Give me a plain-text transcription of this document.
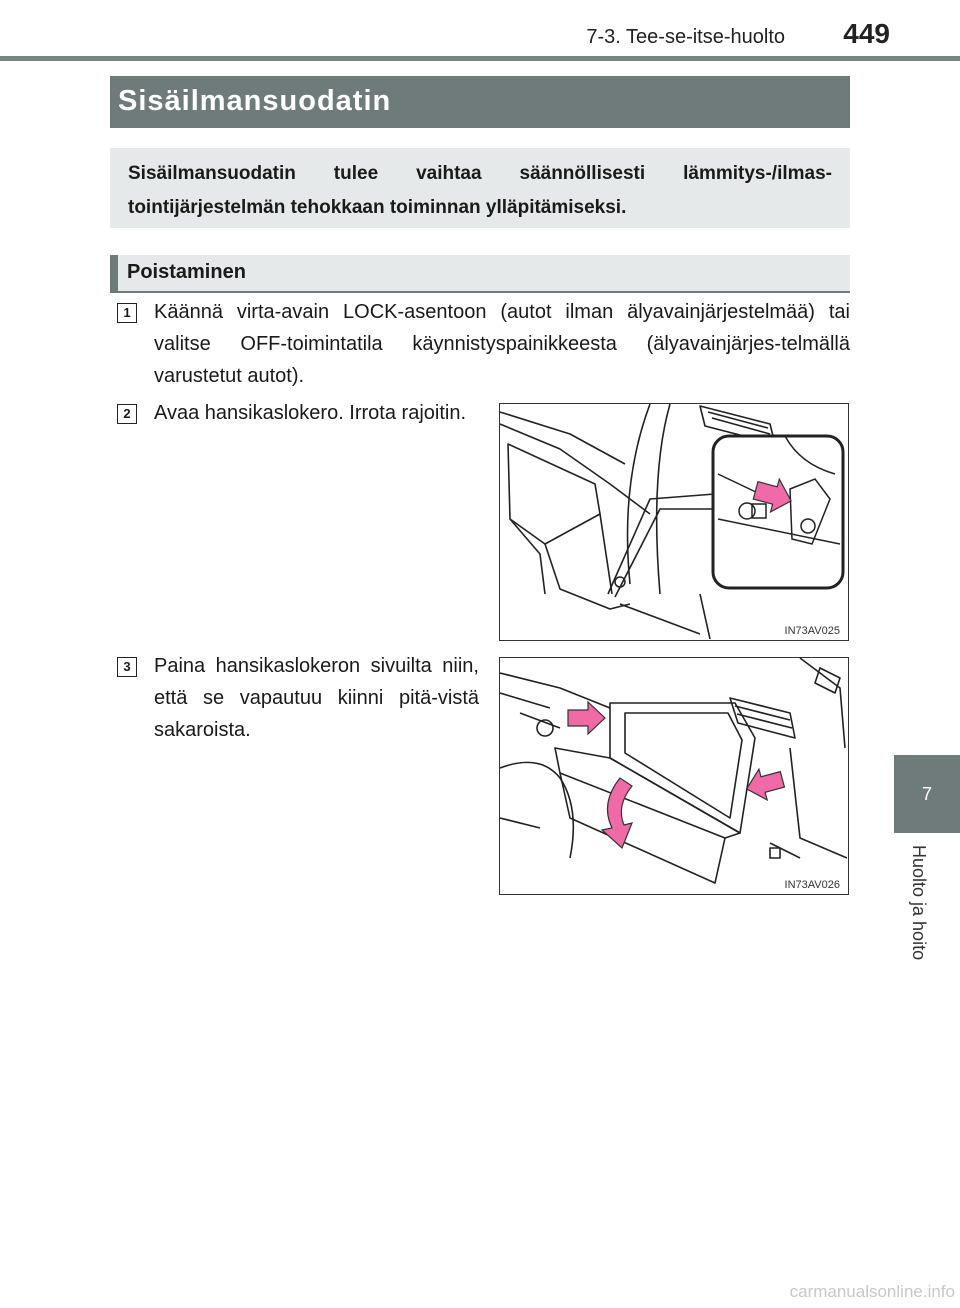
7-3. Tee-se-itse-huolto	449
Sisäilmansuodatin
Sisäilmansuodatin tulee vaihtaa säännöllisesti lämmitys-/ilmas-tointijärjestelmän tehokkaan toiminnan ylläpitämiseksi.
Poistaminen
1	Käännä virta-avain LOCK-asentoon (autot ilman älyavainjärjestelmää) tai valitse OFF-toimintatila käynnistyspainikkeesta (älyavainjärjes-telmällä varustetut autot).
2	Avaa hansikaslokero. Irrota rajoitin.
IN73AV025
3	Paina hansikaslokeron sivuilta niin, että se vapautuu kiinni pitä-vistä sakaroista.
IN73AV026
7
Huolto ja hoito
carmanualsonline.info
